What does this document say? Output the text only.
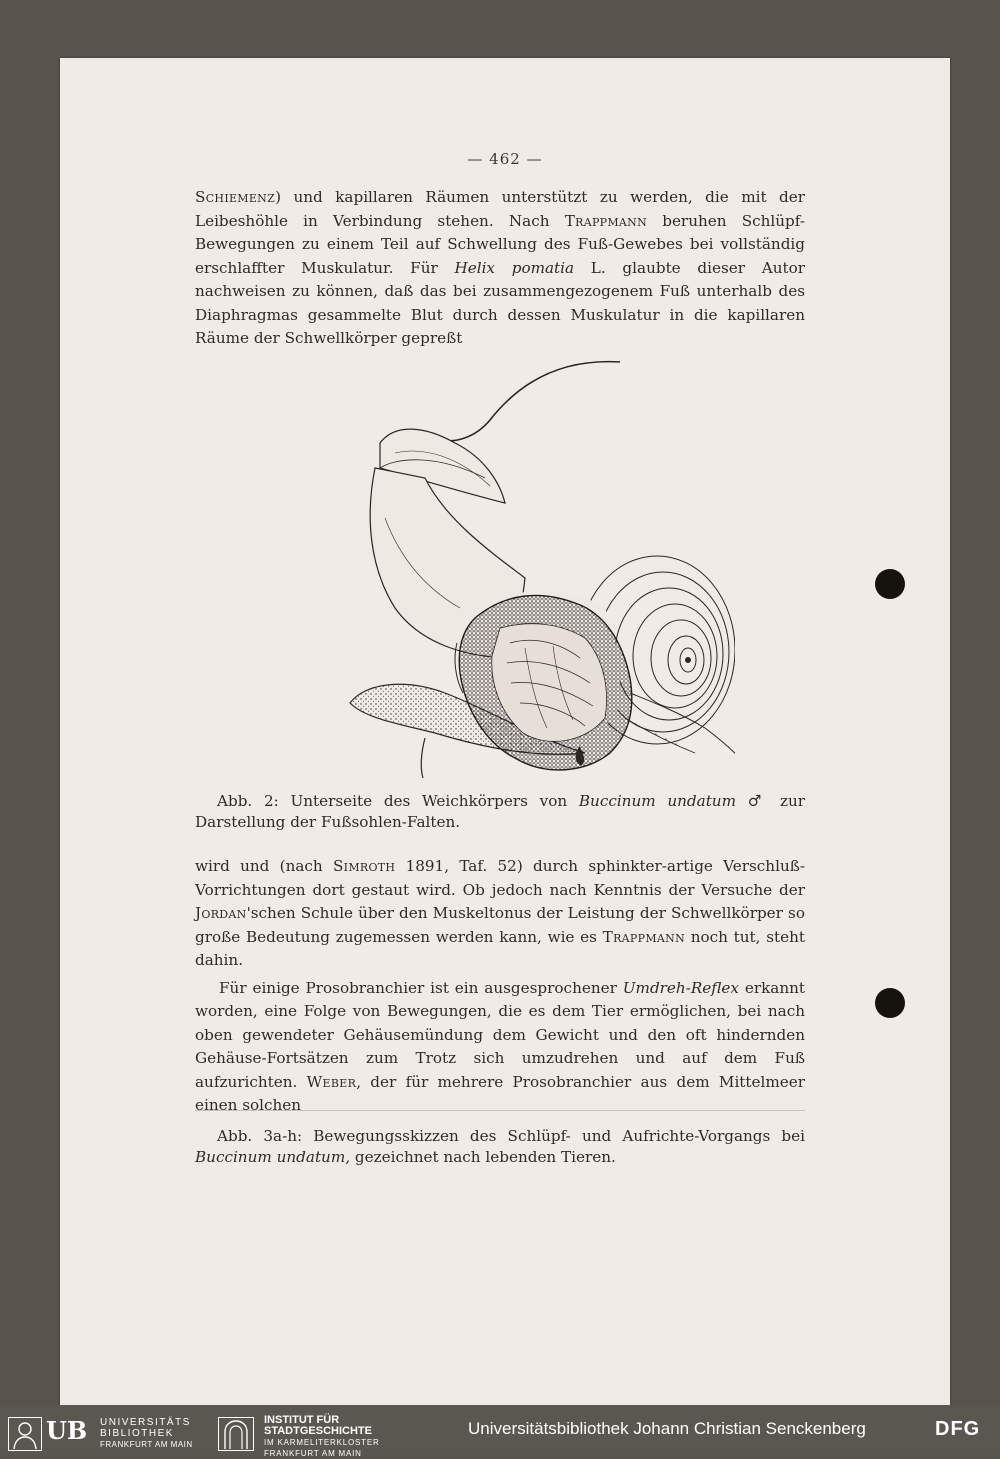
— 462 —

Schiemenz) und kapillaren Räumen unterstützt zu werden, die mit der Leibeshöhle in Verbindung stehen. Nach Trappmann beruhen Schlüpf-Bewegungen zu einem Teil auf Schwellung des Fuß-Gewebes bei vollständig erschlaffter Muskulatur. Für Helix pomatia L. glaubte dieser Autor nachweisen zu können, daß das bei zusammengezogenem Fuß unterhalb des Diaphragmas gesammelte Blut durch dessen Muskulatur in die kapillaren Räume der Schwellkörper gepreßt

Abb. 2: Unterseite des Weichkörpers von Buccinum undatum ♂ zur Darstellung der Fußsohlen-Falten.

wird und (nach Simroth 1891, Taf. 52) durch sphinkter-artige Verschluß-Vorrichtungen dort gestaut wird. Ob jedoch nach Kenntnis der Versuche der Jordan'schen Schule über den Muskeltonus der Leistung der Schwellkörper so große Bedeutung zugemessen werden kann, wie es Trappmann noch tut, steht dahin.

Für einige Prosobranchier ist ein ausgesprochener Umdreh-Reflex erkannt worden, eine Folge von Bewegungen, die es dem Tier ermöglichen, bei nach oben gewendeter Gehäusemündung dem Gewicht und den oft hindernden Gehäuse-Fortsätzen zum Trotz sich umzudrehen und auf dem Fuß aufzurichten. Weber, der für mehrere Prosobranchier aus dem Mittelmeer einen solchen

Abb. 3a-h: Bewegungsskizzen des Schlüpf- und Aufrichte-Vorgangs bei Buccinum undatum, gezeichnet nach lebenden Tieren.
UB UNIVERSITÄTS
BIBLIOTHEK
FRANKFURT AM MAIN
INSTITUT FÜR
STADTGESCHICHTE
IM KARMELITERKLOSTER
FRANKFURT AM MAIN
Universitätsbibliothek Johann Christian Senckenberg	DFG
